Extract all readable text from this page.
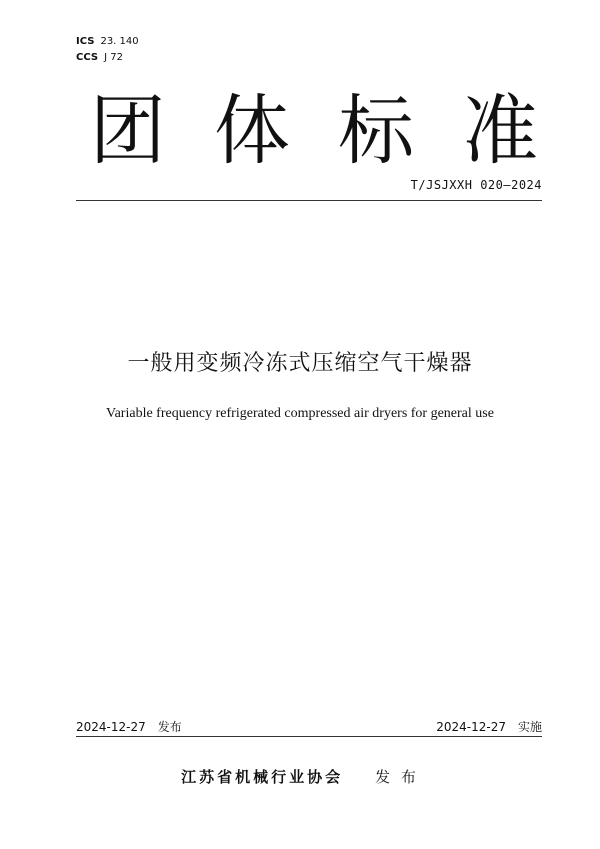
ICS 23. 140
CCS J 72
团 体 标 准
T/JSJXXH 020—2024
一般用变频冷冻式压缩空气干燥器
Variable frequency refrigerated compressed air dryers for general use
2024-12-27 发布	2024-12-27 实施
江苏省机械行业协会 发 布
